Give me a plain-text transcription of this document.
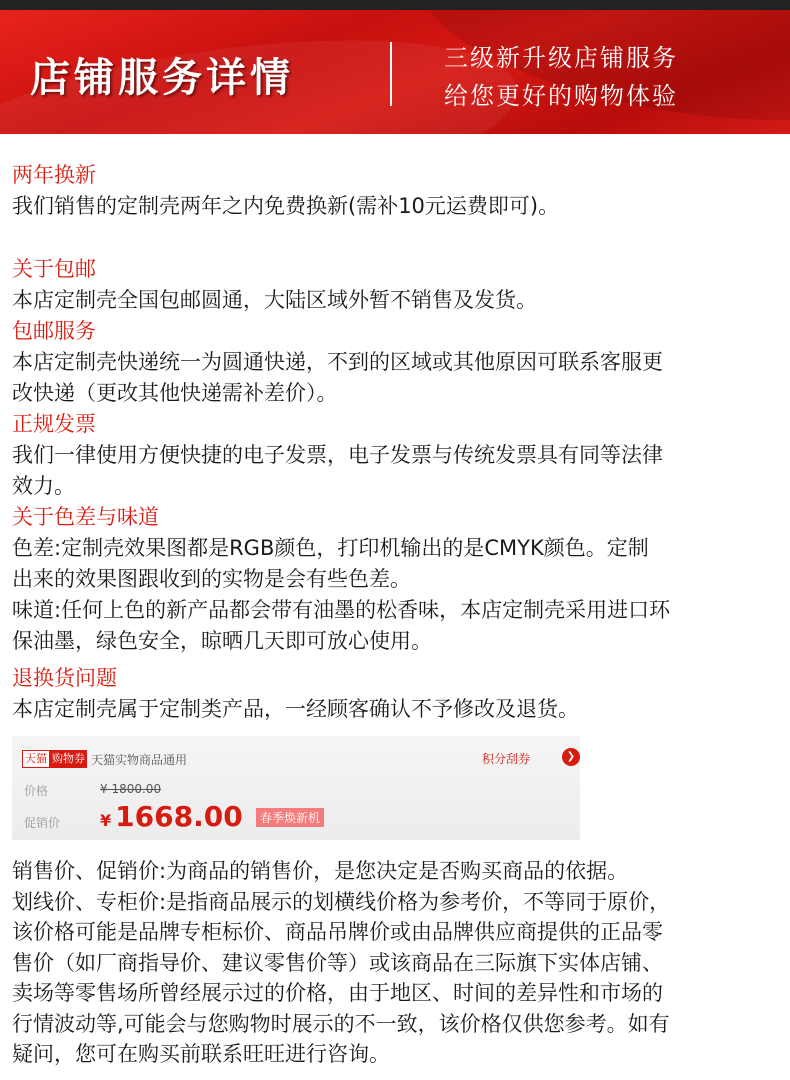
店铺服务详情	三级新升级店铺服务
给您更好的购物体验
两年换新
我们销售的定制壳两年之内免费换新(需补10元运费即可)。
关于包邮
本店定制壳全国包邮圆通，大陆区域外暂不销售及发货。
包邮服务
本店定制壳快递统一为圆通快递，不到的区域或其他原因可联系客服更
改快递（更改其他快递需补差价）。
正规发票
我们一律使用方便快捷的电子发票，电子发票与传统发票具有同等法律
效力。
关于色差与味道
色差:定制壳效果图都是RGB颜色，打印机输出的是CMYK颜色。定制
出来的效果图跟收到的实物是会有些色差。
味道:任何上色的新产品都会带有油墨的松香味，本店定制壳采用进口环
保油墨，绿色安全，晾晒几天即可放心使用。
退换货问题
本店定制壳属于定制类产品，一经顾客确认不予修改及退货。
天猫 购物券 天猫实物商品通用	积分刮券	❯
价格	¥ 1800.00
促销价 ¥ 1668.00	春季焕新机
销售价、促销价:为商品的销售价，是您决定是否购买商品的依据。
划线价、专柜价:是指商品展示的划横线价格为参考价，不等同于原价，
该价格可能是品牌专柜标价、商品吊牌价或由品牌供应商提供的正品零
售价（如厂商指导价、建议零售价等）或该商品在三际旗下实体店铺、
卖场等零售场所曾经展示过的价格，由于地区、时间的差异性和市场的
行情波动等,可能会与您购物时展示的不一致，该价格仅供您参考。如有
疑问，您可在购买前联系旺旺进行咨询。
